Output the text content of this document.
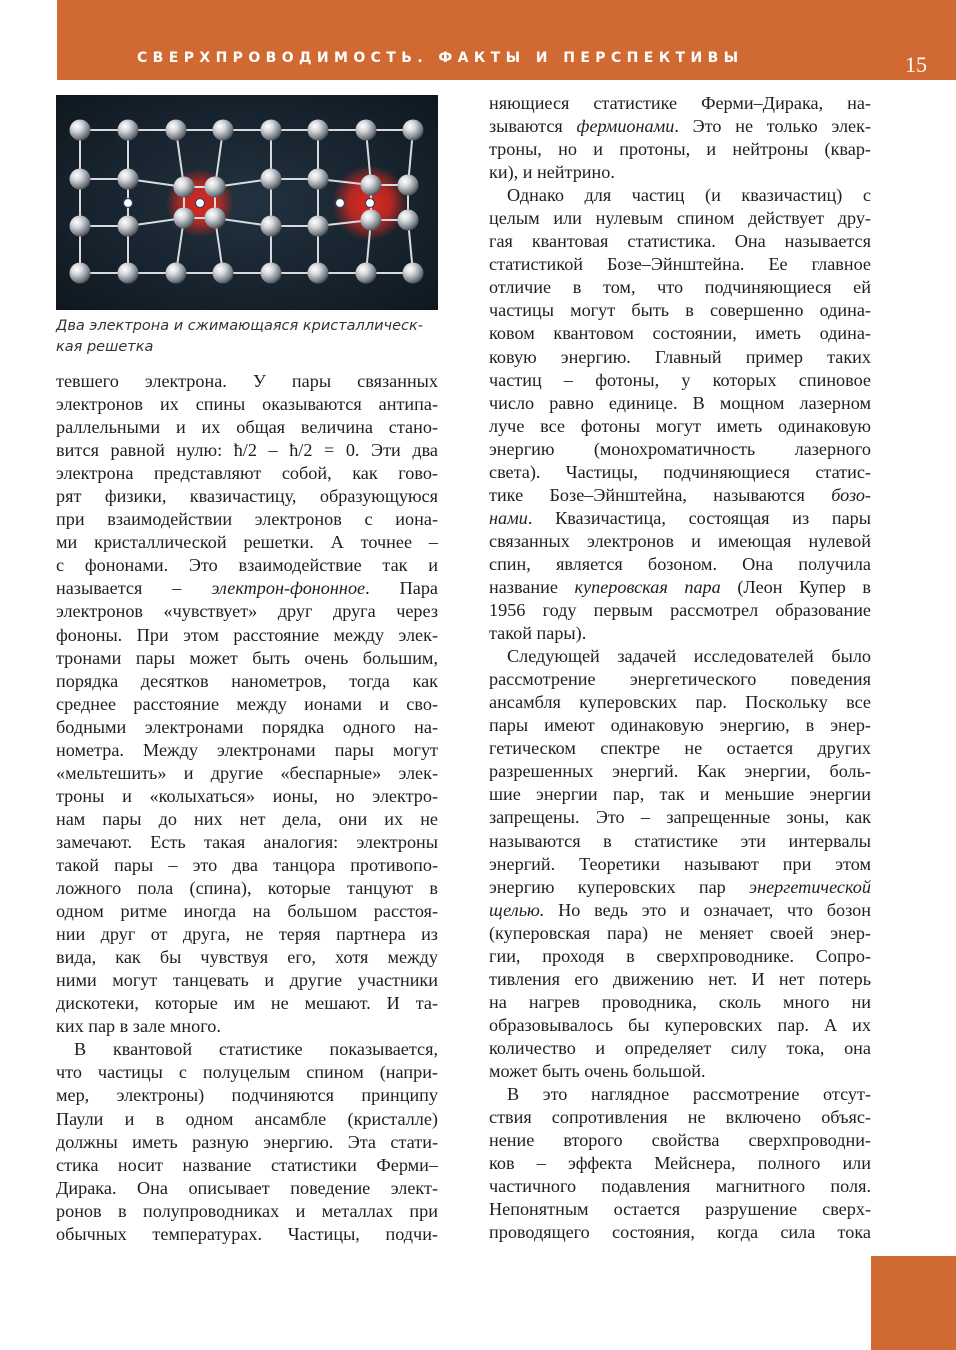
СВЕРХПРОВОДИМОСТЬ. ФАКТЫ И ПЕРСПЕКТИВЫ	15
Два электрона и сжимающаяся кристаллическ-
кая решетка
тевшего электрона. У пары связанных
электронов их спины оказываются антипа-
раллельными и их общая величина стано-
вится равной нулю: ħ/2 – ħ/2 = 0. Эти два
электрона представляют собой, как гово-
рят физики, квазичастицу, образующуюся
при взаимодействии электронов с иона-
ми кристаллической решетки. А точнее –
с фононами. Это взаимодействие так и
называется – электрон-фононное. Пара
электронов «чувствует» друг друга через
фононы. При этом расстояние между элек-
тронами пары может быть очень большим,
порядка десятков нанометров, тогда как
среднее расстояние между ионами и сво-
бодными электронами порядка одного на-
нометра. Между электронами пары могут
«мельтешить» и другие «беспарные» элек-
троны и «колыхаться» ионы, но электро-
нам пары до них нет дела, они их не
замечают. Есть такая аналогия: электроны
такой пары – это два танцора противопо-
ложного пола (спина), которые танцуют в
одном ритме иногда на большом расстоя-
нии друг от друга, не теряя партнера из
вида, как бы чувствуя его, хотя между
ними могут танцевать и другие участники
дискотеки, которые им не мешают. И та-
ких пар в зале много.
В квантовой статистике показывается,
что частицы с полуцелым спином (напри-
мер, электроны) подчиняются принципу
Паули и в одном ансамбле (кристалле)
должны иметь разную энергию. Эта стати-
стика носит название статистики Ферми–
Дирака. Она описывает поведение элект-
ронов в полупроводниках и металлах при
обычных температурах. Частицы, подчи-
няющиеся статистике Ферми–Дирака, на-
зываются фермионами. Это не только элек-
троны, но и протоны, и нейтроны (квар-
ки), и нейтрино.
Однако для частиц (и квазичастиц) с
целым или нулевым спином действует дру-
гая квантовая статистика. Она называется
статистикой Бозе–Эйнштейна. Ее главное
отличие в том, что подчиняющиеся ей
частицы могут быть в совершенно одина-
ковом квантовом состоянии, иметь одина-
ковую энергию. Главный пример таких
частиц – фотоны, у которых спиновое
число равно единице. В мощном лазерном
луче все фотоны могут иметь одинаковую
энергию (монохроматичность лазерного
света). Частицы, подчиняющиеся статис-
тике Бозе–Эйнштейна, называются бозо-
нами. Квазичастица, состоящая из пары
связанных электронов и имеющая нулевой
спин, является бозоном. Она получила
название куперовская пара (Леон Купер в
1956 году первым рассмотрел образование
такой пары).
Следующей задачей исследователей было
рассмотрение энергетического поведения
ансамбля куперовских пар. Поскольку все
пары имеют одинаковую энергию, в энер-
гетическом спектре не остается других
разрешенных энергий. Как энергии, боль-
шие энергии пар, так и меньшие энергии
запрещены. Это – запрещенные зоны, как
называются в статистике эти интервалы
энергий. Теоретики называют при этом
энергию куперовских пар энергетической
щелью. Но ведь это и означает, что бозон
(куперовская пара) не меняет своей энер-
гии, проходя в сверхпроводнике. Сопро-
тивления его движению нет. И нет потерь
на нагрев проводника, сколь много ни
образовывалось бы куперовских пар. А их
количество и определяет силу тока, она
может быть очень большой.
В это наглядное рассмотрение отсут-
ствия сопротивления не включено объяс-
нение второго свойства сверхпроводни-
ков – эффекта Мейснера, полного или
частичного подавления магнитного поля.
Непонятным остается разрушение сверх-
проводящего состояния, когда сила тока
